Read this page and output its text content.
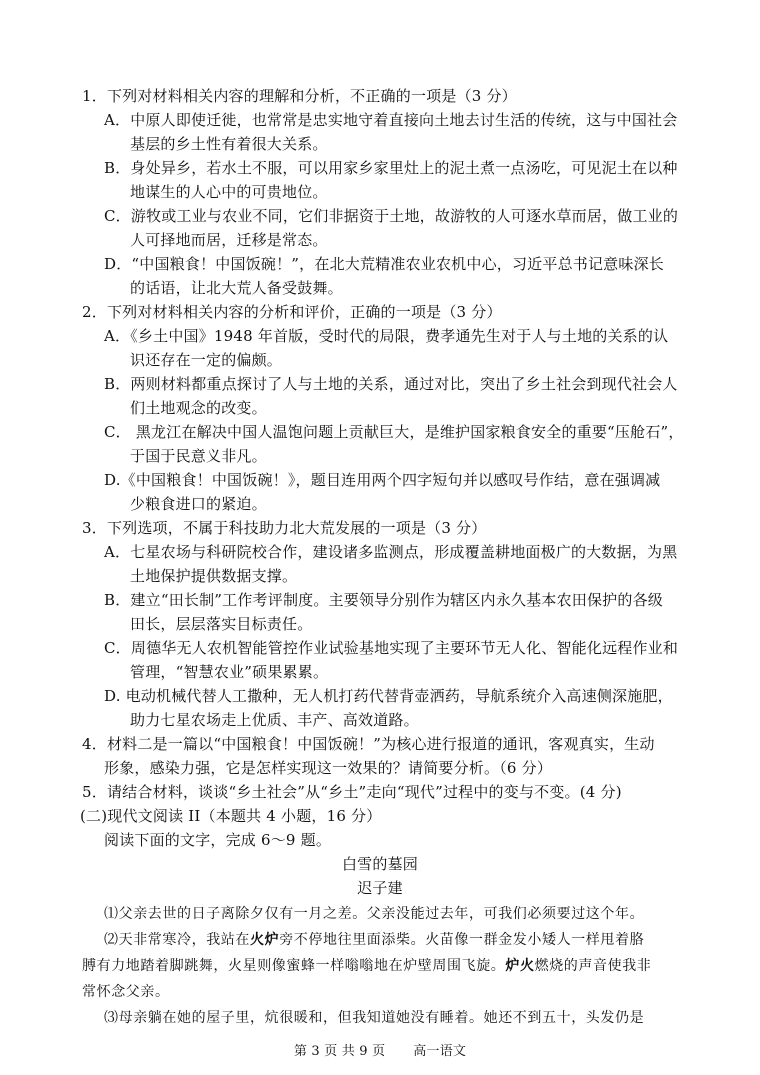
1．下列对材料相关内容的理解和分析，不正确的一项是（3 分）
A．中原人即使迁徙，也常常是忠实地守着直接向土地去讨生活的传统，这与中国社会
基层的乡土性有着很大关系。
B．身处异乡，若水土不服，可以用家乡家里灶上的泥土煮一点汤吃，可见泥土在以种
地谋生的人心中的可贵地位。
C．游牧或工业与农业不同，它们非据资于土地，故游牧的人可逐水草而居，做工业的
人可择地而居，迁移是常态。
D．“中国粮食！中国饭碗！”，在北大荒精准农业农机中心，习近平总书记意味深长
的话语，让北大荒人备受鼓舞。
2．下列对材料相关内容的分析和评价，正确的一项是（3 分）
A．《乡土中国》1948 年首版，受时代的局限，费孝通先生对于人与土地的关系的认
识还存在一定的偏颇。
B．两则材料都重点探讨了人与土地的关系，通过对比，突出了乡土社会到现代社会人
们土地观念的改变。
C． 黑龙江在解决中国人温饱问题上贡献巨大，是维护国家粮食安全的重要“压舱石”，
于国于民意义非凡。
D.《中国粮食！中国饭碗！》，题目连用两个四字短句并以感叹号作结，意在强调减
少粮食进口的紧迫。
3．下列选项，不属于科技助力北大荒发展的一项是（3 分）
A．七星农场与科研院校合作，建设诸多监测点，形成覆盖耕地面极广的大数据，为黑
土地保护提供数据支撑。
B．建立“田长制”工作考评制度。主要领导分别作为辖区内永久基本农田保护的各级
田长，层层落实目标责任。
C．周德华无人农机智能管控作业试验基地实现了主要环节无人化、智能化远程作业和
管理，“智慧农业”硕果累累。
D. 电动机械代替人工撒种，无人机打药代替背壶洒药，导航系统介入高速侧深施肥，
助力七星农场走上优质、丰产、高效道路。
4．材料二是一篇以“中国粮食！中国饭碗！”为核心进行报道的通讯，客观真实，生动
形象，感染力强，它是怎样实现这一效果的？请简要分析。（6 分）
5．请结合材料，谈谈“乡土社会”从“乡土”走向“现代”过程中的变与不变。(4 分)
(二)现代文阅读 II（本题共 4 小题，16 分）
阅读下面的文字，完成 6～9 题。
白雪的墓园
迟子建
⑴父亲去世的日子离除夕仅有一月之差。父亲没能过去年，可我们必须要过这个年。
⑵天非常寒冷，我站在火炉旁不停地往里面添柴。火苗像一群金发小矮人一样甩着胳
膊有力地踏着脚跳舞，火星则像蜜蜂一样嗡嗡地在炉壁周围飞旋。炉火燃烧的声音使我非
常怀念父亲。
⑶母亲躺在她的屋子里，炕很暖和，但我知道她没有睡着。她还不到五十，头发仍是
第 3 页 共 9 页 高一语文
